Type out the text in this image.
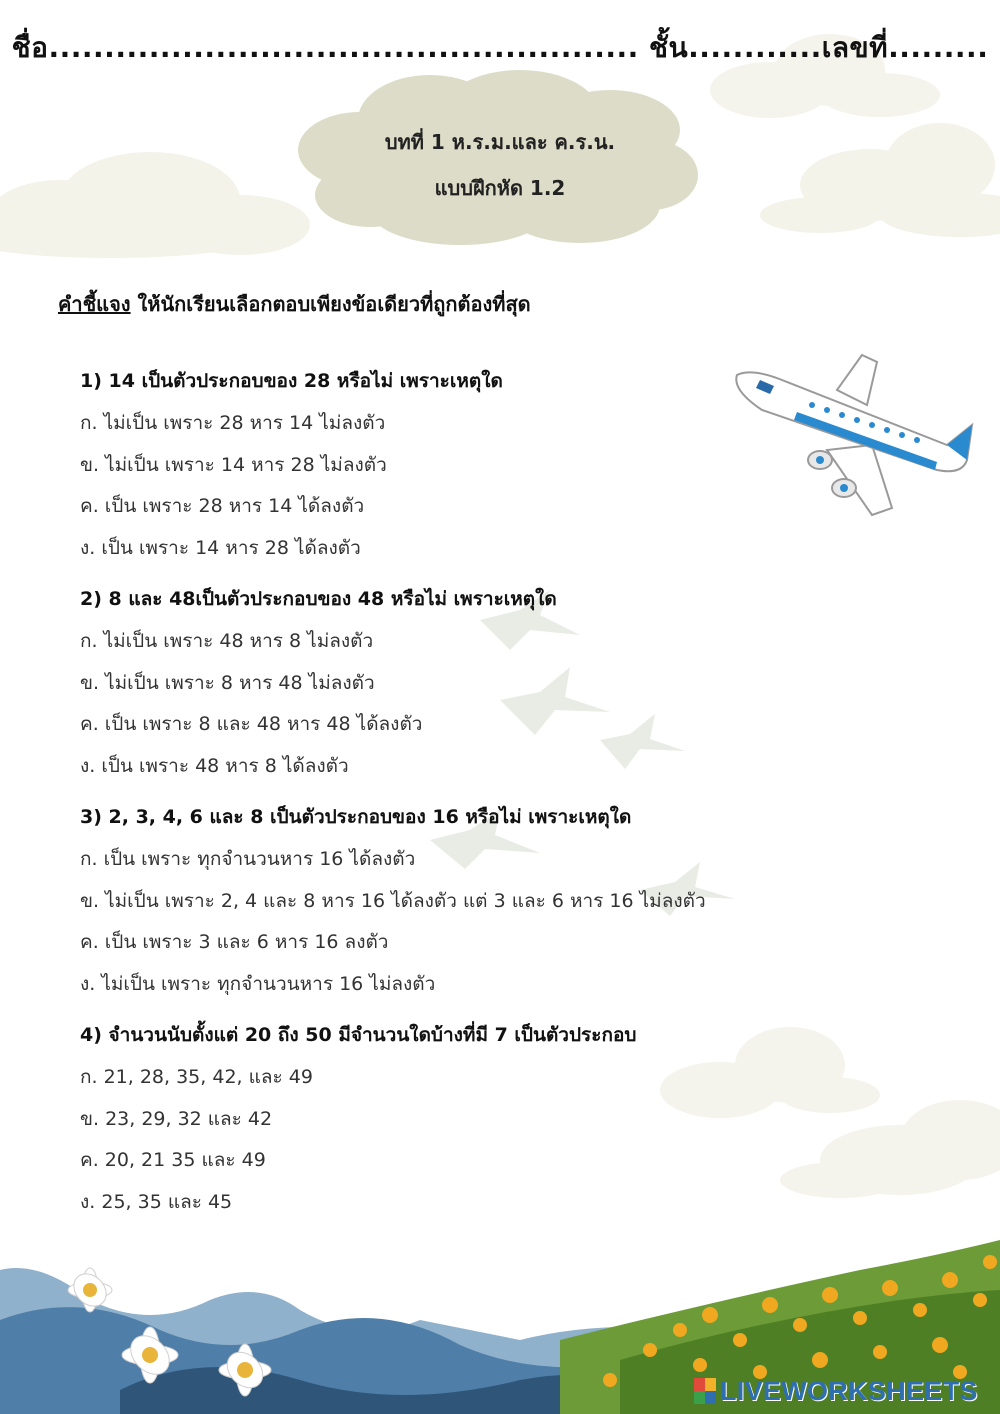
ชื่อ..................................................... ชั้น............เลขที่.........
บทที่ 1 ห.ร.ม.และ ค.ร.น.
แบบฝึกหัด 1.2
คำชี้แจง ให้นักเรียนเลือกตอบเพียงข้อเดียวที่ถูกต้องที่สุด
1) 14 เป็นตัวประกอบของ 28 หรือไม่ เพราะเหตุใด
ก. ไม่เป็น เพราะ 28 หาร 14 ไม่ลงตัว
ข. ไม่เป็น เพราะ 14 หาร 28 ไม่ลงตัว
ค. เป็น เพราะ 28 หาร 14 ได้ลงตัว
ง. เป็น เพราะ 14 หาร 28 ได้ลงตัว
2) 8 และ 48เป็นตัวประกอบของ 48 หรือไม่ เพราะเหตุใด
ก. ไม่เป็น เพราะ 48 หาร 8 ไม่ลงตัว
ข. ไม่เป็น เพราะ 8 หาร 48 ไม่ลงตัว
ค. เป็น เพราะ 8 และ 48 หาร 48 ได้ลงตัว
ง. เป็น เพราะ 48 หาร 8 ได้ลงตัว
3) 2, 3, 4, 6 และ 8 เป็นตัวประกอบของ 16 หรือไม่ เพราะเหตุใด
ก. เป็น เพราะ ทุกจำนวนหาร 16 ได้ลงตัว
ข. ไม่เป็น เพราะ 2, 4 และ 8 หาร 16 ได้ลงตัว แต่ 3 และ 6 หาร 16 ไม่ลงตัว
ค. เป็น เพราะ 3 และ 6 หาร 16 ลงตัว
ง. ไม่เป็น เพราะ ทุกจำนวนหาร 16 ไม่ลงตัว
4) จำนวนนับตั้งแต่ 20 ถึง 50 มีจำนวนใดบ้างที่มี 7 เป็นตัวประกอบ
ก. 21, 28, 35, 42, และ 49
ข. 23, 29, 32 และ 42
ค. 20, 21 35 และ 49
ง. 25, 35 และ 45
LIVEWORKSHEETS
